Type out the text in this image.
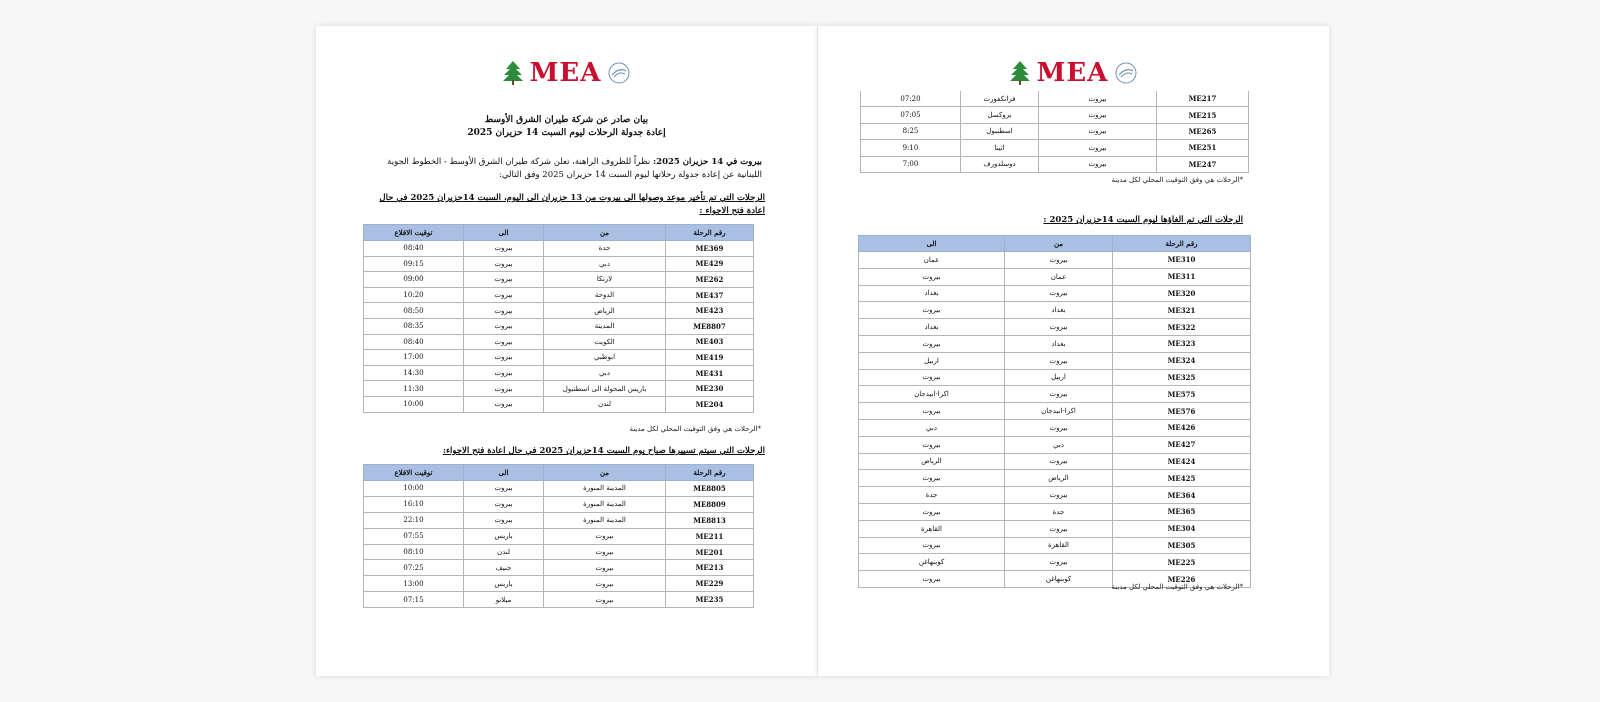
MEA
بيان صادر عن شركة طيران الشرق الأوسط
إعادة جدولة الرحلات ليوم السبت 14 حزيران 2025
بيروت في 14 حزيران 2025: نظراً للظروف الراهنة، تعلن شركة طيران الشرق الأوسط - الخطوط الجوية اللبنانية عن إعادة جدولة رحلاتها ليوم السبت 14 حزيران 2025 وفق التالي:
الرحلات التي تم تأخير موعد وصولها الى بيروت من 13 حزيران الى اليوم، السبت 14حزيران 2025 في حال اعادة فتح الاجواء :
رقم الرحلة	من	الى	توقيت الاقلاع
ME369	جدة	بيروت	08:40
ME429	دبي	بيروت	09:15
ME262	لارنكا	بيروت	09:00
ME437	الدوحة	بيروت	10:20
ME423	الرياض	بيروت	08:50
ME8807	المدينة	بيروت	08:35
ME403	الكويت	بيروت	08:40
ME419	ابوظبي	بيروت	17:00
ME431	دبي	بيروت	14:30
ME230	باريس المحولة الى اسطنبول	بيروت	11:30
ME204	لندن	بيروت	10:00
*الرحلات هي وفق التوقيت المحلي لكل مدينة
الرحلات التي سيتم تسييرها صباح يوم السبت 14حزيران 2025 في حال اعادة فتح الاجواء:
رقم الرحلة	من	الى	توقيت الاقلاع
ME8805	المدينة المنورة	بيروت	10:00
ME8809	المدينة المنورة	بيروت	16:10
ME8813	المدينة المنورة	بيروت	22:10
ME211	بيروت	باريس	07:55
ME201	بيروت	لندن	08:10
ME213	بيروت	جنيف	07:25
ME229	بيروت	باريس	13:00
ME235	بيروت	ميلانو	07:15
MEA
ME217	بيروت	فرانكفورت	07:20
ME215	بيروت	بروكسل	07:05
ME265	بيروت	اسطنبول	8:25
ME251	بيروت	اثينا	9:10
ME247	بيروت	دوسلدورف	7:00
*الرحلات هي وفق التوقيت المحلي لكل مدينة
الرحلات التي تم الغاؤها ليوم السبت 14حزيران 2025 :
رقم الرحلة	من	الى
ME310	بيروت	عمان
ME311	عمان	بيروت
ME320	بيروت	بغداد
ME321	بغداد	بيروت
ME322	بيروت	بغداد
ME323	بغداد	بيروت
ME324	بيروت	اربيل
ME325	اربيل	بيروت
ME575	بيروت	اكرا-ابيدجان
ME576	اكرا-ابيدجان	بيروت
ME426	بيروت	دبي
ME427	دبي	بيروت
ME424	بيروت	الرياض
ME425	الرياض	بيروت
ME364	بيروت	جدة
ME365	جدة	بيروت
ME304	بيروت	القاهرة
ME305	القاهرة	بيروت
ME225	بيروت	كوبنهاغن
ME226	كوبنهاغن	بيروت
*الرحلات هي وفق التوقيت المحلي لكل مدينة
